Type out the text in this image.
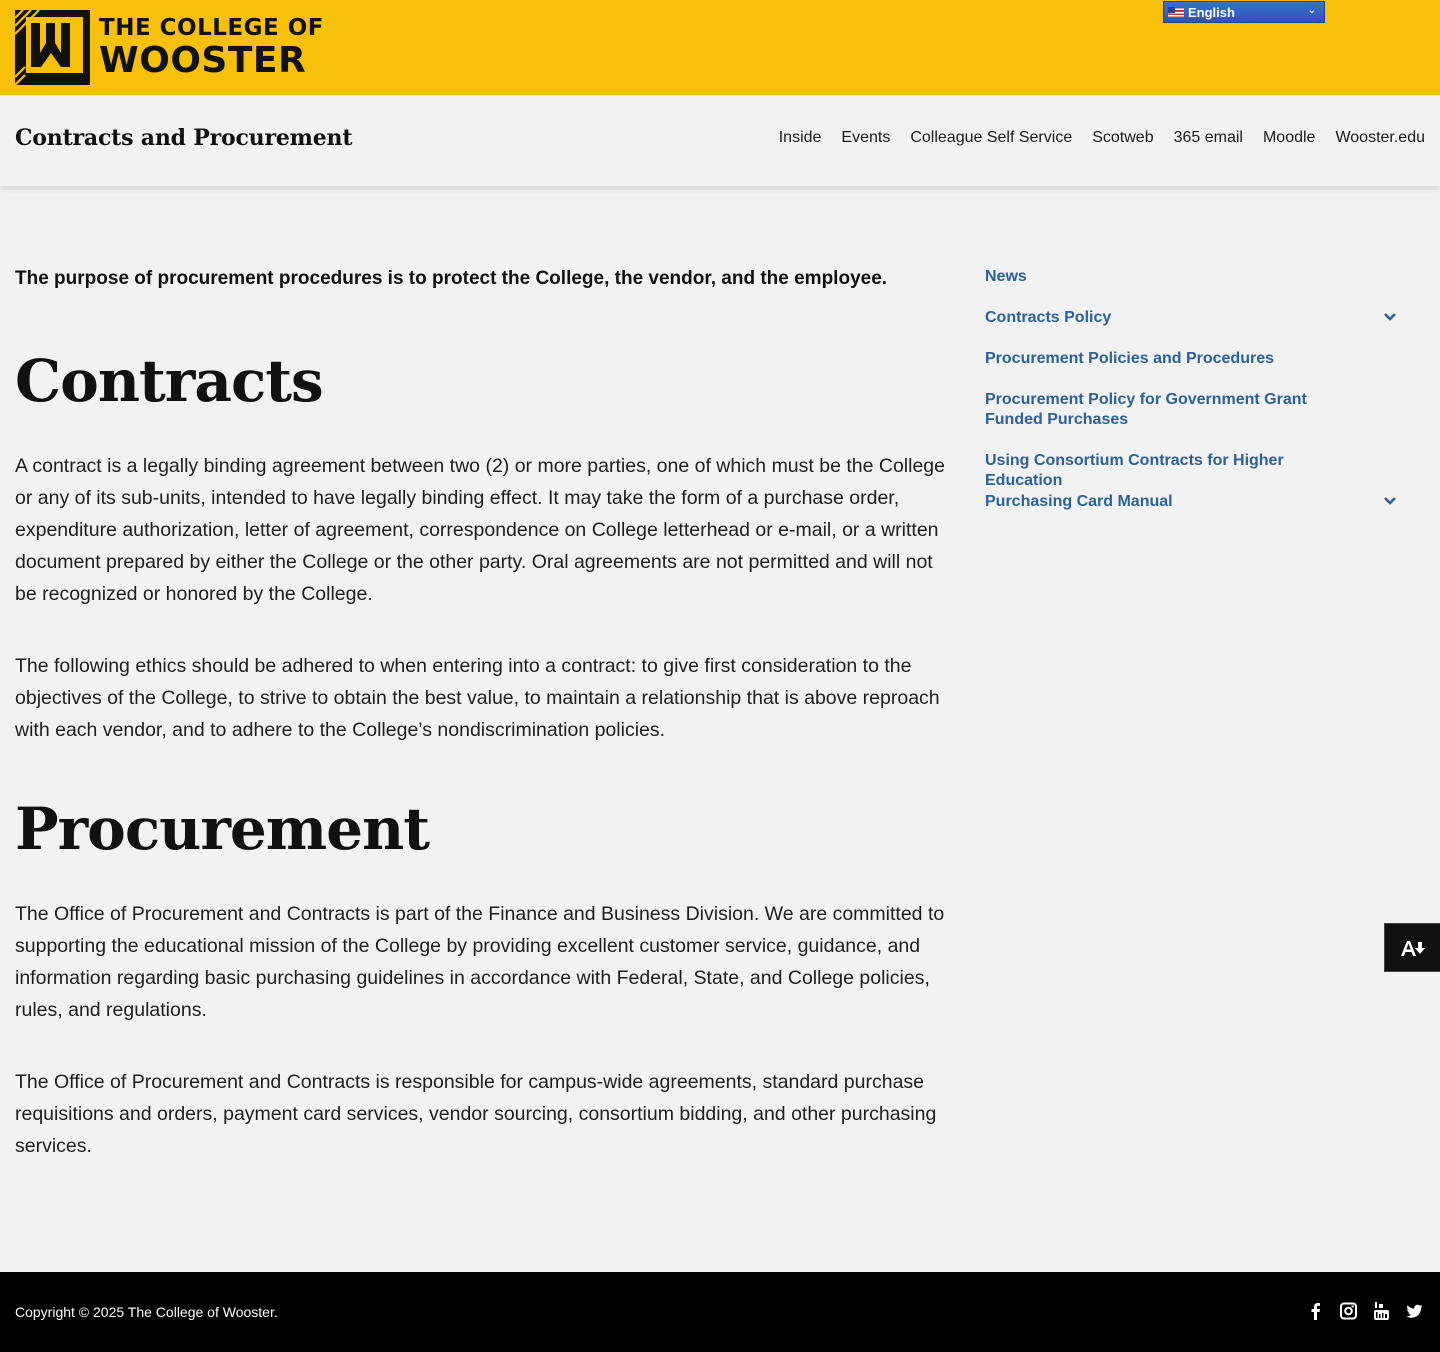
THE COLLEGE OF
WOOSTER
English	⌄
Contracts and Procurement	Inside Events Colleague Self Service Scotweb 365 email Moodle Wooster.edu

The purpose of procurement procedures is to protect the College, the vendor, and the employee.

Contracts

A contract is a legally binding agreement between two (2) or more parties, one of which must be the College or any of its sub-units, intended to have legally binding effect. It may take the form of a purchase order, expenditure authorization, letter of agreement, correspondence on College letterhead or e-mail, or a written document prepared by either the College or the other party. Oral agreements are not permitted and will not be recognized or honored by the College.

The following ethics should be adhered to when entering into a contract: to give first consideration to the objectives of the College, to strive to obtain the best value, to maintain a relationship that is above reproach with each vendor, and to adhere to the College’s nondiscrimination policies.

Procurement

The Office of Procurement and Contracts is part of the Finance and Business Division. We are committed to supporting the educational mission of the College by providing excellent customer service, guidance, and information regarding basic purchasing guidelines in accordance with Federal, State, and College policies, rules, and regulations.

The Office of Procurement and Contracts is responsible for campus-wide agreements, standard purchase requisitions and orders, payment card services, vendor sourcing, consortium bidding, and other purchasing services.

News
Contracts Policy
Procurement Policies and Procedures
Procurement Policy for Government Grant Funded Purchases
Using Consortium Contracts for Higher Education
Purchasing Card Manual
Copyright © 2025 The College of Wooster.
